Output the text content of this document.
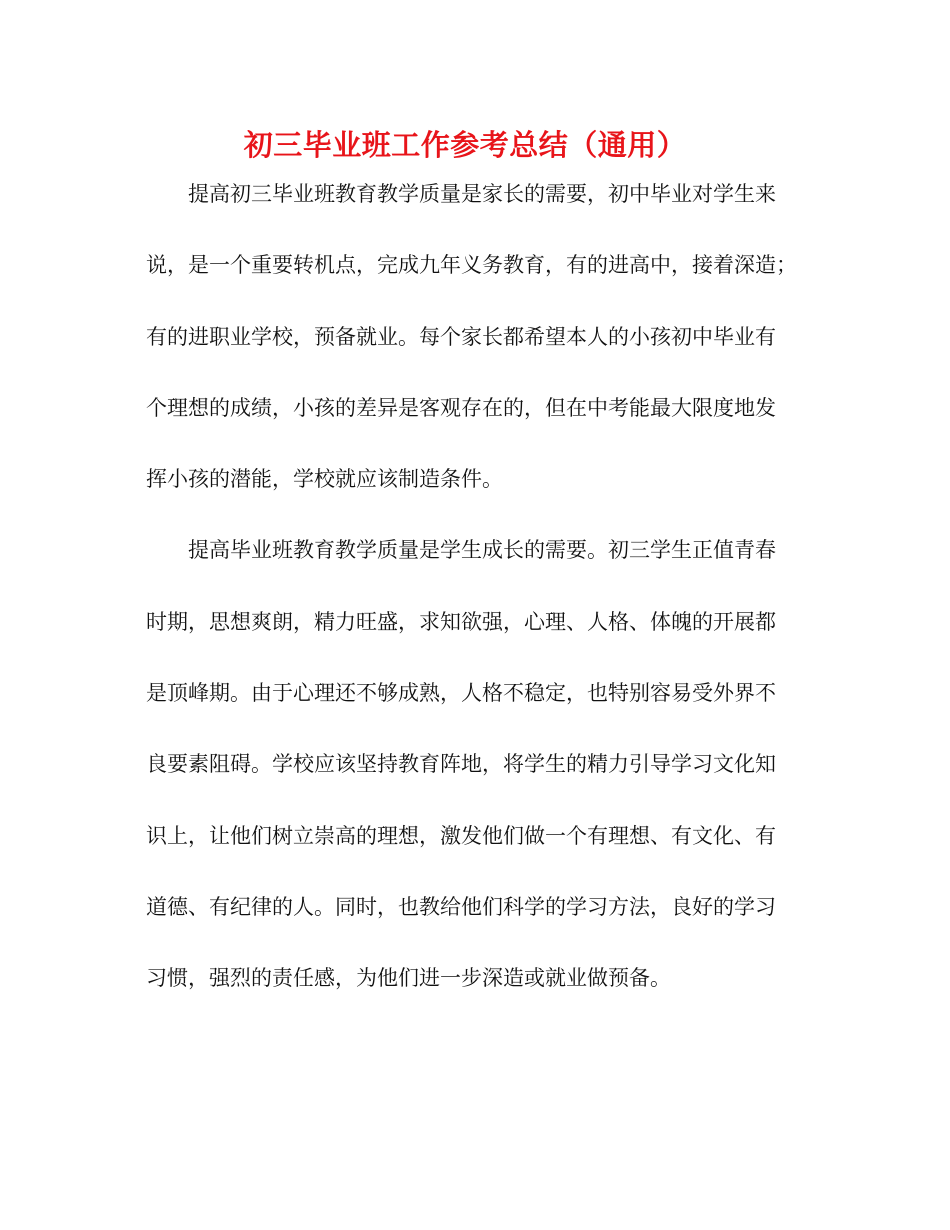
初三毕业班工作参考总结（通用）
提高初三毕业班教育教学质量是家长的需要，初中毕业对学生来
说，是一个重要转机点，完成九年义务教育，有的进高中，接着深造；
有的进职业学校，预备就业。每个家长都希望本人的小孩初中毕业有
个理想的成绩，小孩的差异是客观存在的，但在中考能最大限度地发
挥小孩的潜能，学校就应该制造条件。
提高毕业班教育教学质量是学生成长的需要。初三学生正值青春
时期，思想爽朗，精力旺盛，求知欲强，心理、人格、体魄的开展都
是顶峰期。由于心理还不够成熟，人格不稳定，也特别容易受外界不
良要素阻碍。学校应该坚持教育阵地，将学生的精力引导学习文化知
识上，让他们树立崇高的理想，激发他们做一个有理想、有文化、有
道德、有纪律的人。同时，也教给他们科学的学习方法，良好的学习
习惯，强烈的责任感，为他们进一步深造或就业做预备。
